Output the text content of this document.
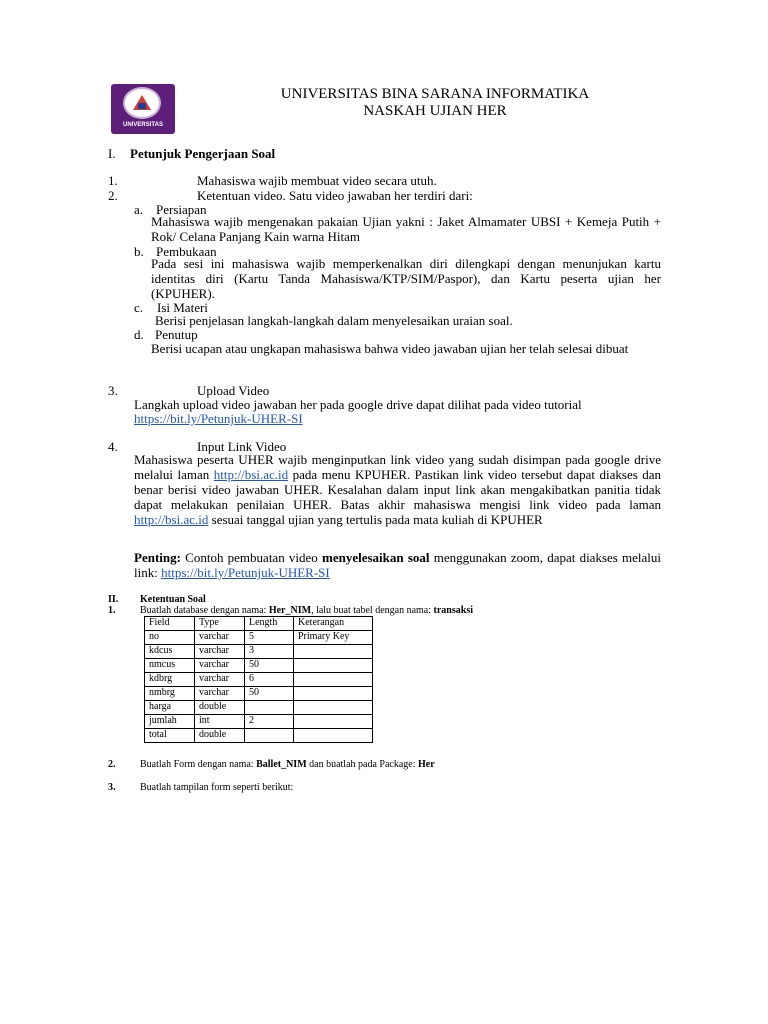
UNIVERSITAS
UNIVERSITAS BINA SARANA INFORMATIKA
NASKAH UJIAN HER
I. Petunjuk Pengerjaan Soal
1.	Mahasiswa wajib membuat video secara utuh.
2.	Ketentuan video. Satu video jawaban her terdiri dari:
a. Persiapan
Mahasiswa wajib mengenakan pakaian Ujian yakni : Jaket Almamater UBSI + Kemeja Putih + Rok/ Celana Panjang Kain warna Hitam
b. Pembukaan
Pada sesi ini mahasiswa wajib memperkenalkan diri dilengkapi dengan menunjukan kartu identitas diri (Kartu Tanda Mahasiswa/KTP/SIM/Paspor), dan Kartu peserta ujian her (KPUHER).
c. Isi Materi
Berisi penjelasan langkah-langkah dalam menyelesaikan uraian soal.
d. Penutup
Berisi ucapan atau ungkapan mahasiswa bahwa video jawaban ujian her telah selesai dibuat
3.	Upload Video
Langkah upload video jawaban her pada google drive dapat dilihat pada video tutorial
https://bit.ly/Petunjuk-UHER-SI
4.	Input Link Video
Mahasiswa peserta UHER wajib menginputkan link video yang sudah disimpan pada google drive melalui laman http://bsi.ac.id pada menu KPUHER. Pastikan link video tersebut dapat diakses dan benar berisi video jawaban UHER. Kesalahan dalam input link akan mengakibatkan panitia tidak dapat melakukan penilaian UHER. Batas akhir mahasiswa mengisi link video pada laman http://bsi.ac.id sesuai tanggal ujian yang tertulis pada mata kuliah di KPUHER
Penting: Contoh pembuatan video menyelesaikan soal menggunakan zoom, dapat diakses melalui link: https://bit.ly/Petunjuk-UHER-SI
II. Ketentuan Soal
1. Buatlah database dengan nama: Her_NIM, lalu buat tabel dengan nama: transaksi
Field	Type	Length	Keterangan
no	varchar	5	Primary Key
kdcus	varchar	3	
nmcus	varchar	50	
kdbrg	varchar	6	
nmbrg	varchar	50	
harga	double		
jumlah	int	2	
total	double		
2. Buatlah Form dengan nama: Ballet_NIM dan buatlah pada Package: Her
3. Buatlah tampilan form seperti berikut:
